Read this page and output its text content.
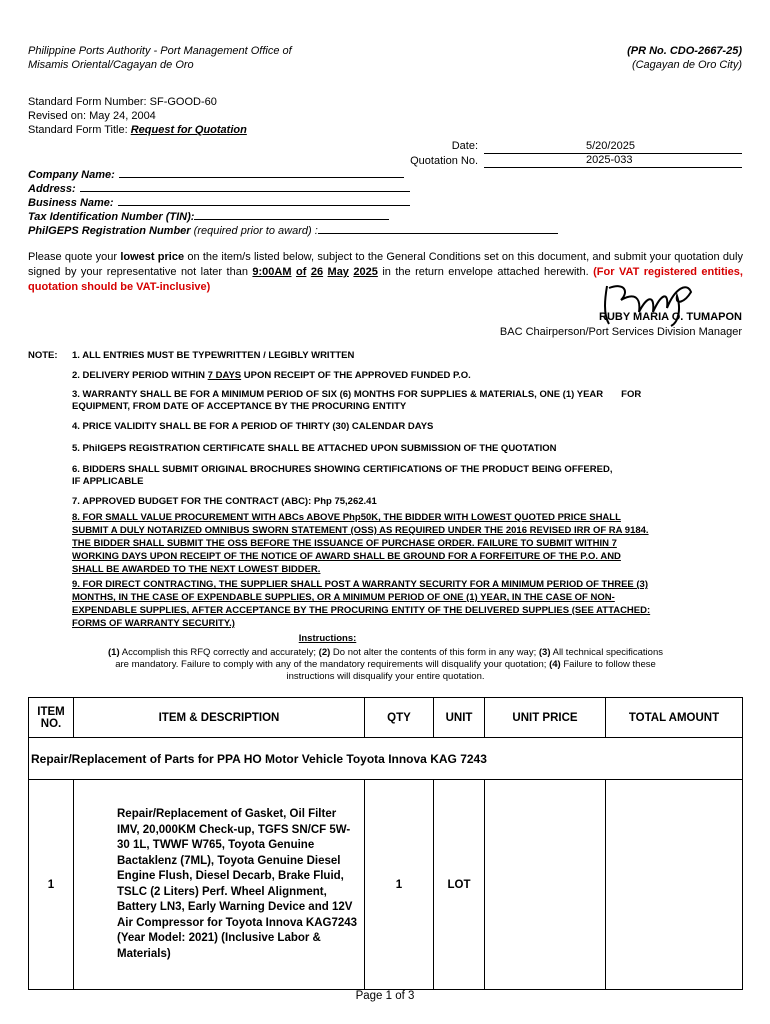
Philippine Ports Authority - Port Management Office of
Misamis Oriental/Cagayan de Oro
(PR No. CDO-2667-25)
(Cagayan de Oro City)
Standard Form Number: SF-GOOD-60
Revised on: May 24, 2004
Standard Form Title: Request for Quotation
Date:	5/20/2025
Quotation No.	2025-033
Company Name:
Address:
Business Name:
Tax Identification Number (TIN):
PhilGEPS Registration Number (required prior to award) :
Please quote your lowest price on the item/s listed below, subject to the General Conditions set on this document, and submit your quotation duly signed by your representative not later than 9:00AM of 26 May 2025 in the return envelope attached herewith. (For VAT registered entities, quotation should be VAT-inclusive)
RUBY MARIA O. TUMAPON
BAC Chairperson/Port Services Division Manager
NOTE: 1. ALL ENTRIES MUST BE TYPEWRITTEN / LEGIBLY WRITTEN
2. DELIVERY PERIOD WITHIN 7 DAYS UPON RECEIPT OF THE APPROVED FUNDED P.O.
3. WARRANTY SHALL BE FOR A MINIMUM PERIOD OF SIX (6) MONTHS FOR SUPPLIES & MATERIALS, ONE (1) YEAR FOR
EQUIPMENT, FROM DATE OF ACCEPTANCE BY THE PROCURING ENTITY
4. PRICE VALIDITY SHALL BE FOR A PERIOD OF THIRTY (30) CALENDAR DAYS
5. PhilGEPS REGISTRATION CERTIFICATE SHALL BE ATTACHED UPON SUBMISSION OF THE QUOTATION
6. BIDDERS SHALL SUBMIT ORIGINAL BROCHURES SHOWING CERTIFICATIONS OF THE PRODUCT BEING OFFERED,
IF APPLICABLE
7. APPROVED BUDGET FOR THE CONTRACT (ABC): Php 75,262.41
8. FOR SMALL VALUE PROCUREMENT WITH ABCs ABOVE Php50K, THE BIDDER WITH LOWEST QUOTED PRICE SHALL
SUBMIT A DULY NOTARIZED OMNIBUS SWORN STATEMENT (OSS) AS REQUIRED UNDER THE 2016 REVISED IRR OF RA 9184.
THE BIDDER SHALL SUBMIT THE OSS BEFORE THE ISSUANCE OF PURCHASE ORDER. FAILURE TO SUBMIT WITHIN 7
WORKING DAYS UPON RECEIPT OF THE NOTICE OF AWARD SHALL BE GROUND FOR A FORFEITURE OF THE P.O. AND
SHALL BE AWARDED TO THE NEXT LOWEST BIDDER.
9. FOR DIRECT CONTRACTING, THE SUPPLIER SHALL POST A WARRANTY SECURITY FOR A MINIMUM PERIOD OF THREE (3)
MONTHS, IN THE CASE OF EXPENDABLE SUPPLIES, OR A MINIMUM PERIOD OF ONE (1) YEAR, IN THE CASE OF NON-
EXPENDABLE SUPPLIES, AFTER ACCEPTANCE BY THE PROCURING ENTITY OF THE DELIVERED SUPPLIES (SEE ATTACHED:
FORMS OF WARRANTY SECURITY.)
Instructions:
(1) Accomplish this RFQ correctly and accurately; (2) Do not alter the contents of this form in any way; (3) All technical specifications
are mandatory. Failure to comply with any of the mandatory requirements will disqualify your quotation; (4) Failure to follow these
instructions will disqualify your entire quotation.
ITEM NO.	ITEM & DESCRIPTION	QTY	UNIT	UNIT PRICE	TOTAL AMOUNT
Repair/Replacement of Parts for PPA HO Motor Vehicle Toyota Innova KAG 7243					
1	Repair/Replacement of Gasket, Oil Filter IMV, 20,000KM Check-up, TGFS SN/CF 5W-30 1L, TWWF W765, Toyota Genuine Bactaklenz (7ML), Toyota Genuine Diesel Engine Flush, Diesel Decarb, Brake Fluid, TSLC (2 Liters) Perf. Wheel Alignment, Battery LN3, Early Warning Device and 12V Air Compressor for Toyota Innova KAG7243 (Year Model: 2021) (Inclusive Labor & Materials)	1	LOT		
Page 1 of 3
